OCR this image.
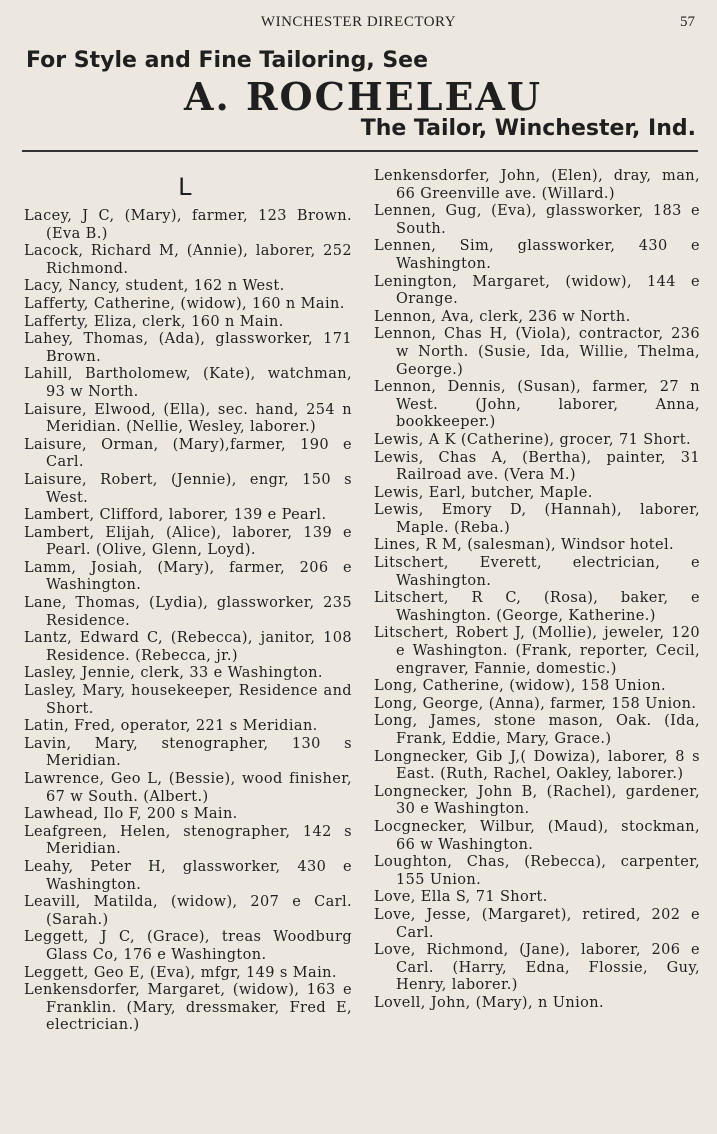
WINCHESTER DIRECTORY	57
For Style and Fine Tailoring, See
A. ROCHELEAU
The Tailor, Winchester, Ind.
L

Lacey, J C, (Mary), farmer, 123 Brown. (Eva B.)

Lacock, Richard M, (Annie), laborer, 252 Richmond.

Lacy, Nancy, student, 162 n West.

Lafferty, Catherine, (widow), 160 n Main.

Lafferty, Eliza, clerk, 160 n Main.

Lahey, Thomas, (Ada), glassworker, 171 Brown.

Lahill, Bartholomew, (Kate), watchman, 93 w North.

Laisure, Elwood, (Ella), sec. hand, 254 n Meridian. (Nellie, Wesley, laborer.)

Laisure, Orman, (Mary),farmer, 190 e Carl.

Laisure, Robert, (Jennie), engr, 150 s West.

Lambert, Clifford, laborer, 139 e Pearl.

Lambert, Elijah, (Alice), laborer, 139 e Pearl. (Olive, Glenn, Loyd).

Lamm, Josiah, (Mary), farmer, 206 e Washington.

Lane, Thomas, (Lydia), glassworker, 235 Residence.

Lantz, Edward C, (Rebecca), janitor, 108 Residence. (Rebecca, jr.)

Lasley, Jennie, clerk, 33 e Washington.

Lasley, Mary, housekeeper, Residence and Short.

Latin, Fred, operator, 221 s Meridian.

Lavin, Mary, stenographer, 130 s Meridian.

Lawrence, Geo L, (Bessie), wood finisher, 67 w South. (Albert.)

Lawhead, Ilo F, 200 s Main.

Leafgreen, Helen, stenographer, 142 s Meridian.

Leahy, Peter H, glassworker, 430 e Washington.

Leavill, Matilda, (widow), 207 e Carl. (Sarah.)

Leggett, J C, (Grace), treas Woodburg Glass Co, 176 e Washington.

Leggett, Geo E, (Eva), mfgr, 149 s Main.

Lenkensdorfer, Margaret, (widow), 163 e Franklin. (Mary, dressmaker, Fred E, electrician.)

Lenkensdorfer, John, (Elen), dray, man, 66 Greenville ave. (Willard.)

Lennen, Gug, (Eva), glassworker, 183 e South.

Lennen, Sim, glassworker, 430 e Washington.

Lenington, Margaret, (widow), 144 e Orange.

Lennon, Ava, clerk, 236 w North.

Lennon, Chas H, (Viola), contractor, 236 w North. (Susie, Ida, Willie, Thelma, George.)

Lennon, Dennis, (Susan), farmer, 27 n West. (John, laborer, Anna, bookkeeper.)

Lewis, A K (Catherine), grocer, 71 Short.

Lewis, Chas A, (Bertha), painter, 31 Railroad ave. (Vera M.)

Lewis, Earl, butcher, Maple.

Lewis, Emory D, (Hannah), laborer, Maple. (Reba.)

Lines, R M, (salesman), Windsor hotel.

Litschert, Everett, electrician, e Washington.

Litschert, R C, (Rosa), baker, e Washington. (George, Katherine.)

Litschert, Robert J, (Mollie), jeweler, 120 e Washington. (Frank, reporter, Cecil, engraver, Fannie, domestic.)

Long, Catherine, (widow), 158 Union.

Long, George, (Anna), farmer, 158 Union.

Long, James, stone mason, Oak. (Ida, Frank, Eddie, Mary, Grace.)

Longnecker, Gib J,( Dowiza), laborer, 8 s East. (Ruth, Rachel, Oakley, laborer.)

Longnecker, John B, (Rachel), gardener, 30 e Washington.

Locgnecker, Wilbur, (Maud), stockman, 66 w Washington.

Loughton, Chas, (Rebecca), carpenter, 155 Union.

Love, Ella S, 71 Short.

Love, Jesse, (Margaret), retired, 202 e Carl.

Love, Richmond, (Jane), laborer, 206 e Carl. (Harry, Edna, Flossie, Guy, Henry, laborer.)

Lovell, John, (Mary), n Union.
